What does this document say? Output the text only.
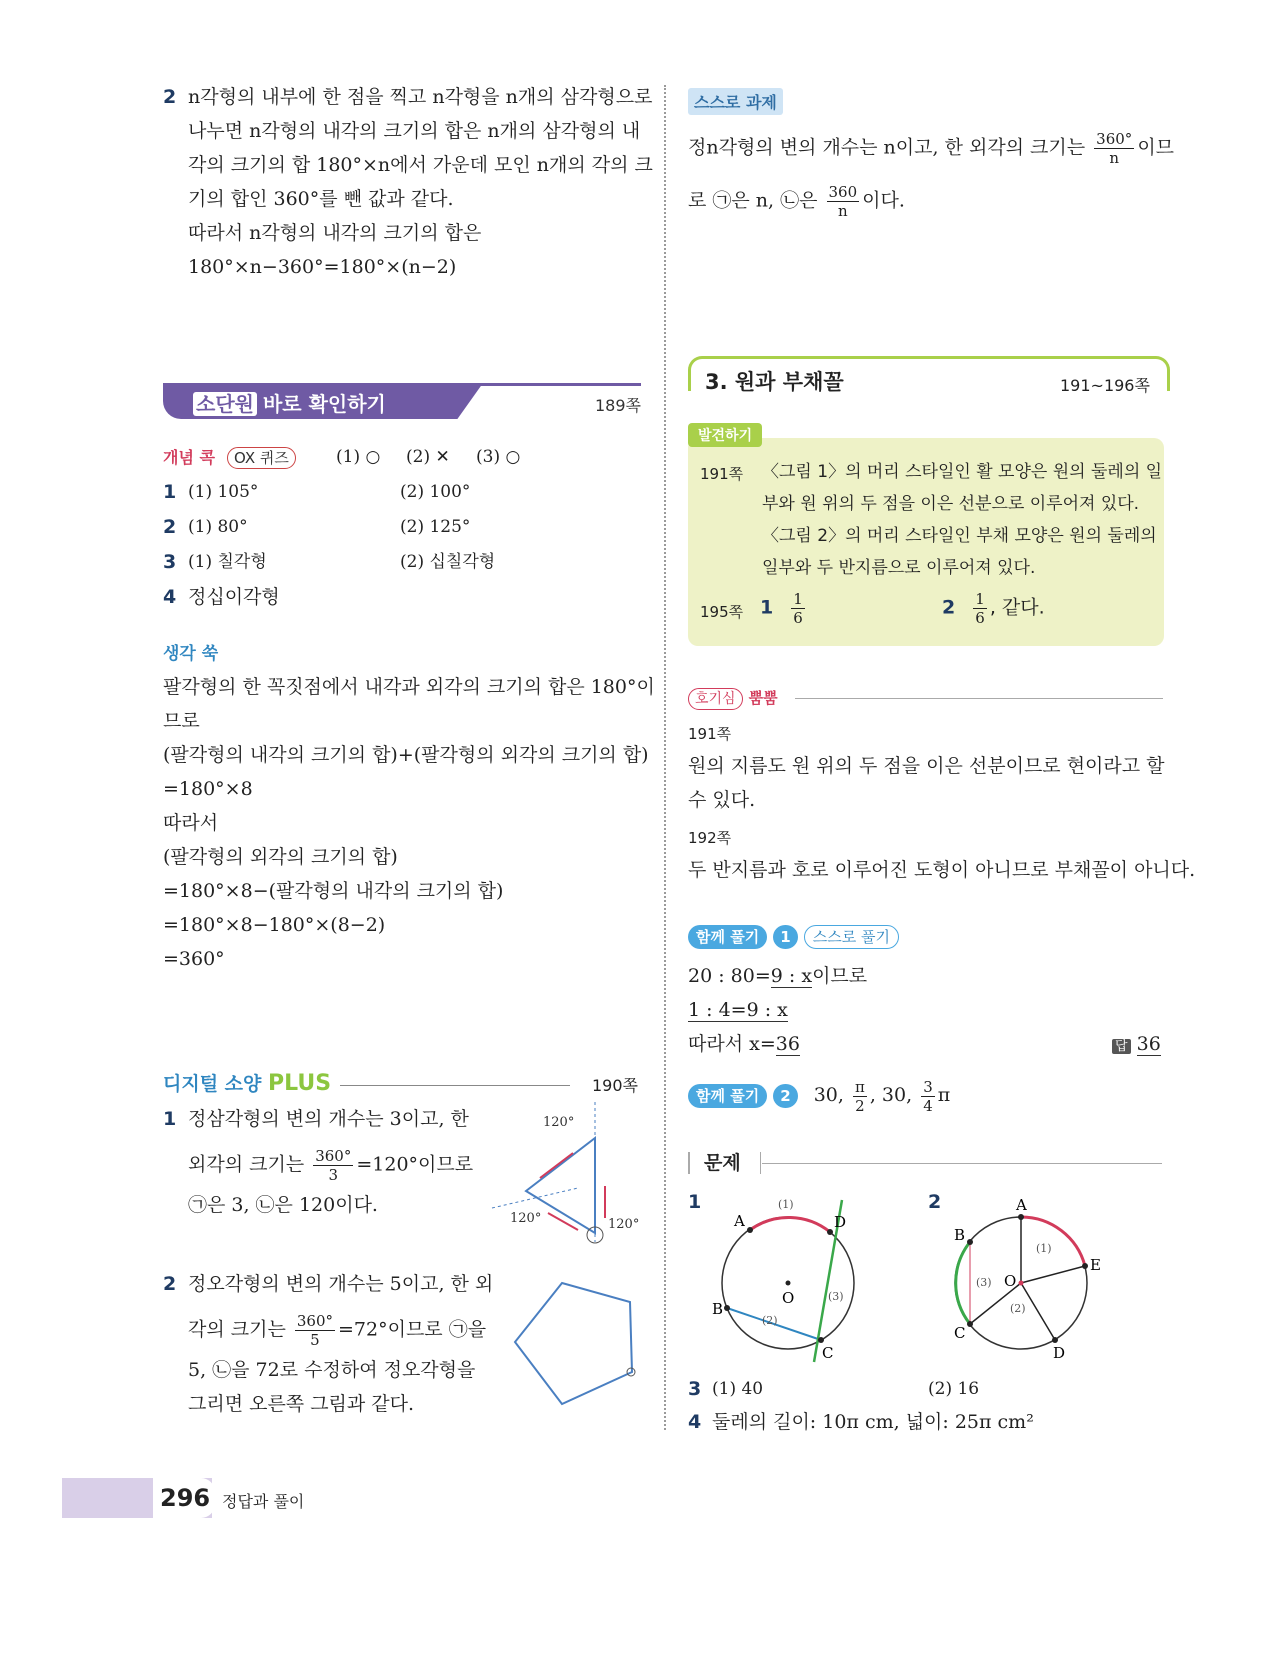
2 n각형의 내부에 한 점을 찍고 n각형을 n개의 삼각형으로
나누면 n각형의 내각의 크기의 합은 n개의 삼각형의 내
각의 크기의 합 180°×n에서 가운데 모인 n개의 각의 크
기의 합인 360°를 뺀 값과 같다.
따라서 n각형의 내각의 크기의 합은
180°×n−360°=180°×(n−2)
소단원 바로 확인하기	189쪽
개념 콕 OX 퀴즈	(1) ○ (2) ✕ (3) ○
1 (1) 105°	(2) 100°
2 (1) 80°	(2) 125°
3 (1) 칠각형	(2) 십칠각형
4 정십이각형
생각 쑥
팔각형의 한 꼭짓점에서 내각과 외각의 크기의 합은 180°이
므로
(팔각형의 내각의 크기의 합)+(팔각형의 외각의 크기의 합)
=180°×8
따라서
(팔각형의 외각의 크기의 합)
=180°×8−(팔각형의 내각의 크기의 합)
=180°×8−180°×(8−2)
=360°
디지털 소양 PLUS	190쪽
1 정삼각형의 변의 개수는 3이고, 한
외각의 크기는 $\frac{360^\circ}{3} =120^\circ$이므로
㉠은 3, ㉡은 120이다.
120°
120°	120°
2 정오각형의 변의 개수는 5이고, 한 외
각의 크기는 $\frac{360^\circ}{5} =72^\circ$이므로 ㉠을
5, ㉡을 72로 수정하여 정오각형을
그리면 오른쪽 그림과 같다.
스스로 과제
정n각형의 변의 개수는 n이고, 한 외각의 크기는 $\frac{360^\circ}{n}$ 이므
로 ㉠은 n, ㉡은 $\frac{360}{n}$ 이다.
3. 원과 부채꼴	191~196쪽
발견하기
191쪽 〈그림 1〉의 머리 스타일인 활 모양은 원의 둘레의 일
부와 원 위의 두 점을 이은 선분으로 이루어져 있다.
〈그림 2〉의 머리 스타일인 부채 모양은 원의 둘레의
일부와 두 반지름으로 이루어져 있다.
195쪽 $1 \frac{1}{6}$	$2 \frac{1}{6}$ , 같다.
호기심 뿜뿜
191쪽
원의 지름도 원 위의 두 점을 이은 선분이므로 현이라고 할
수 있다.
192쪽
두 반지름과 호로 이루어진 도형이 아니므로 부채꼴이 아니다.
함께 풀기 1 스스로 풀기
20 : 80=9 : x이므로
1 : 4=9 : x
따라서 x=36	답 36
함께 풀기 2 30, $\frac{\pi}{2}$ , 30, $\frac{3}{4}$ π
문제
1
A	D
B
C
O
(1)
(2)
(3)
2	A
B
C
D
E
O
(1)
(2)
(3)
3 (1) 40	(2) 16
4 둘레의 길이: 10π cm, 넓이: 25π cm²
296 정답과 풀이
